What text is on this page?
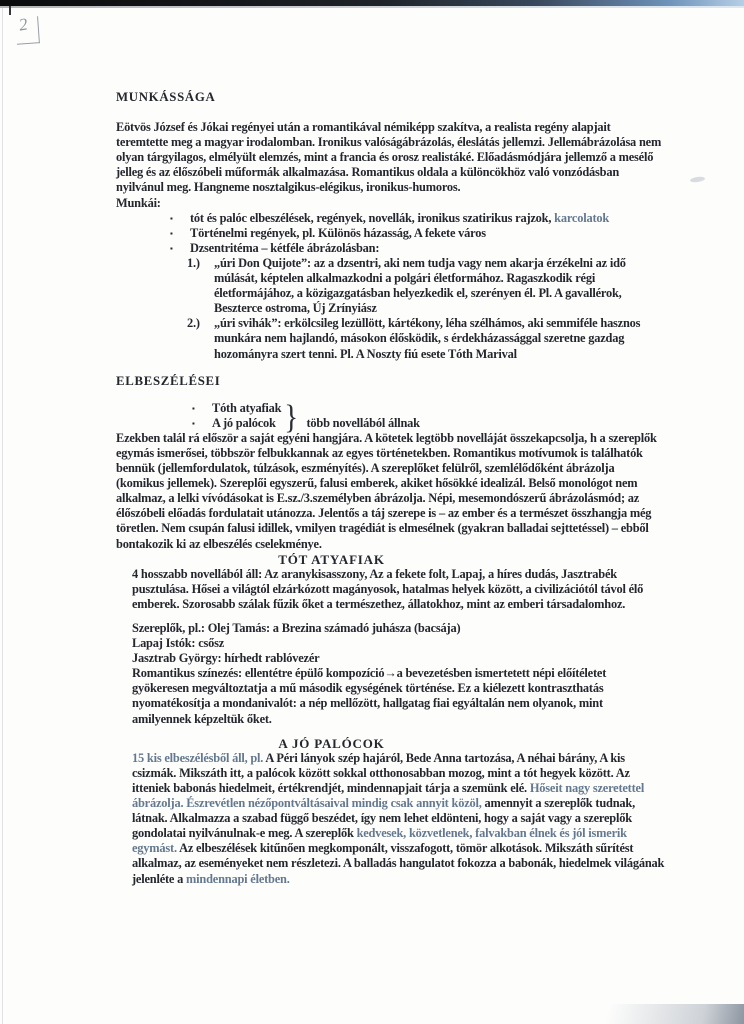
2
MUNKÁSSÁGA

Eötvös József és Jókai regényei után a romantikával némiképp szakítva, a realista regény alapjait teremtette meg a magyar irodalomban. Ironikus valóságábrázolás, éleslátás jellemzi. Jellemábrázolása nem olyan tárgyilagos, elmélyült elemzés, mint a francia és orosz realistáké. Előadásmódjára jellemző a mesélő jelleg és az élőszóbeli műformák alkalmazása. Romantikus oldala a különcökhöz való vonzódásban nyilvánul meg. Hangneme nosztalgikus-elégikus, ironikus-humoros.

Munkái:
▪	tót és palóc elbeszélések, regények, novellák, ironikus szatirikus rajzok, karcolatok
▪	Történelmi regények, pl. Különös házasság, A fekete város
▪	Dzsentritéma – kétféle ábrázolásban:
1.)	„úri Don Quijote”: az a dzsentri, aki nem tudja vagy nem akarja érzékelni az idő múlását, képtelen alkalmazkodni a polgári életformához. Ragaszkodik régi életformájához, a közigazgatásban helyezkedik el, szerényen él. Pl. A gavallérok, Beszterce ostroma, Új Zrínyiász
2.)	„úri svihák”: erkölcsileg lezüllött, kártékony, léha szélhámos, aki semmiféle hasznos munkára nem hajlandó, másokon élősködik, s érdekházassággal szeretne gazdag hozományra szert tenni. Pl. A Noszty fiú esete Tóth Marival
ELBESZÉLÉSEI
▪	Tóth atyafiak
▪	A jó palócok } több novellából állnak

Ezekben talál rá először a saját egyéni hangjára. A kötetek legtöbb novelláját összekapcsolja, h a szereplők egymás ismerősei, többször felbukkannak az egyes történetekben. Romantikus motívumok is találhatók bennük (jellemfordulatok, túlzások, eszményítés). A szereplőket felülről, szemlélődőként ábrázolja (komikus jellemek). Szereplői egyszerű, falusi emberek, akiket hősökké idealizál. Belső monológot nem alkalmaz, a lelki vívódásokat is E.sz./3.személyben ábrázolja. Népi, mesemondószerű ábrázolásmód; az élőszóbeli előadás fordulatait utánozza. Jelentős a táj szerepe is – az ember és a természet összhangja még töretlen. Nem csupán falusi idillek, vmilyen tragédiát is elmesélnek (gyakran balladai sejttetéssel) – ebből bontakozik ki az elbeszélés cselekménye.

TÓT ATYAFIAK

4 hosszabb novellából áll: Az aranykisasszony, Az a fekete folt, Lapaj, a híres dudás, Jasztrabék pusztulása. Hősei a világtól elzárkózott magányosok, hatalmas helyek között, a civilizációtól távol élő emberek. Szorosabb szálak fűzik őket a természethez, állatokhoz, mint az emberi társadalomhoz.

Szereplők, pl.: Olej Tamás: a Brezina számadó juhásza (bacsája)
Lapaj Istók: csősz
Jasztrab György: hírhedt rablóvezér

Romantikus színezés: ellentétre épülő kompozíció→a bevezetésben ismertetett népi előítéletet gyökeresen megváltoztatja a mű második egységének történése. Ez a kiélezett kontraszthatás nyomatékosítja a mondanivalót: a nép mellőzött, hallgatag fiai egyáltalán nem olyanok, mint amilyennek képzeltük őket.

A JÓ PALÓCOK

15 kis elbeszélésből áll, pl. A Péri lányok szép hajáról, Bede Anna tartozása, A néhai bárány, A kis csizmák. Mikszáth itt, a palócok között sokkal otthonosabban mozog, mint a tót hegyek között. Az itteniek babonás hiedelmeit, értékrendjét, mindennapjait tárja a szemünk elé. Hőseit nagy szeretettel ábrázolja. Észrevétlen nézőpontváltásaival mindig csak annyit közöl, amennyit a szereplők tudnak, látnak. Alkalmazza a szabad függő beszédet, így nem lehet eldönteni, hogy a saját vagy a szereplők gondolatai nyilvánulnak-e meg. A szereplők kedvesek, közvetlenek, falvakban élnek és jól ismerik egymást. Az elbeszélések kitűnően megkomponált, visszafogott, tömör alkotások. Mikszáth sűrítést alkalmaz, az eseményeket nem részletezi. A balladás hangulatot fokozza a babonák, hiedelmek világának jelenléte a mindennapi életben.
